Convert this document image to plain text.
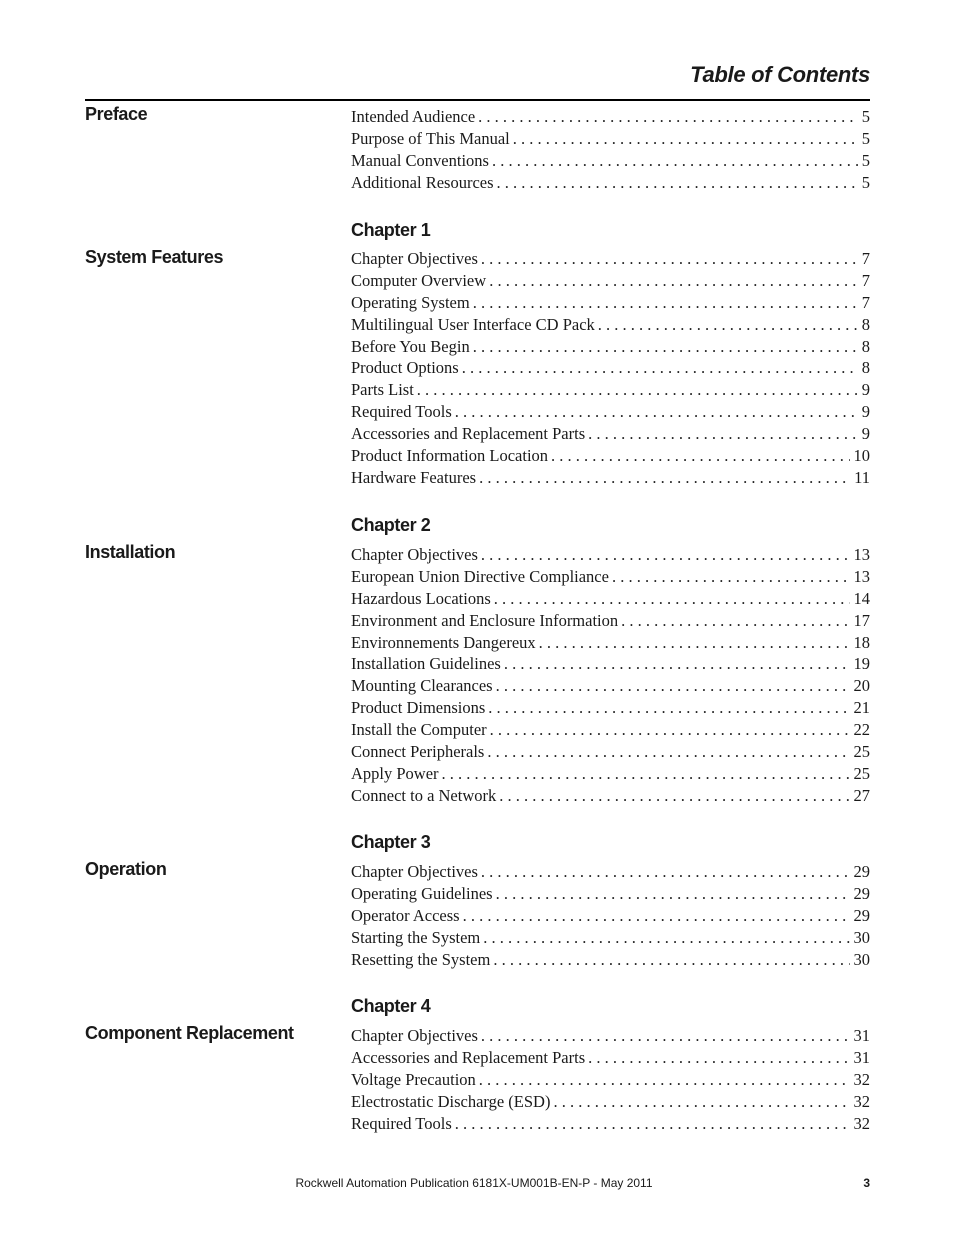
Table of Contents
Preface	Intended Audience . . .	5
Purpose of This Manual . . .	5
Manual Conventions . . .	5
Additional Resources . . .	5
Chapter 1
System Features	Chapter Objectives . . .	7
Computer Overview . . .	7
Operating System . . .	7
Multilingual User Interface CD Pack . . .	8
Before You Begin . . .	8
Product Options . . .	8
Parts List . . .	9
Required Tools . . .	9
Accessories and Replacement Parts . . .	9
Product Information Location . . .	10
Hardware Features . . .	11
Chapter 2
Installation	Chapter Objectives . . .	13
European Union Directive Compliance . . .	13
Hazardous Locations . . .	14
Environment and Enclosure Information . . .	17
Environnements Dangereux . . .	18
Installation Guidelines . . .	19
Mounting Clearances . . .	20
Product Dimensions . . .	21
Install the Computer . . .	22
Connect Peripherals . . .	25
Apply Power . . .	25
Connect to a Network . . .	27
Chapter 3
Operation	Chapter Objectives . . .	29
Operating Guidelines . . .	29
Operator Access . . .	29
Starting the System . . .	30
Resetting the System . . .	30
Chapter 4
Component Replacement	Chapter Objectives . . .	31
Accessories and Replacement Parts . . .	31
Voltage Precaution . . .	32
Electrostatic Discharge (ESD) . . .	32
Required Tools . . .	32
Rockwell Automation Publication 6181X-UM001B-EN-P - May 2011	3
